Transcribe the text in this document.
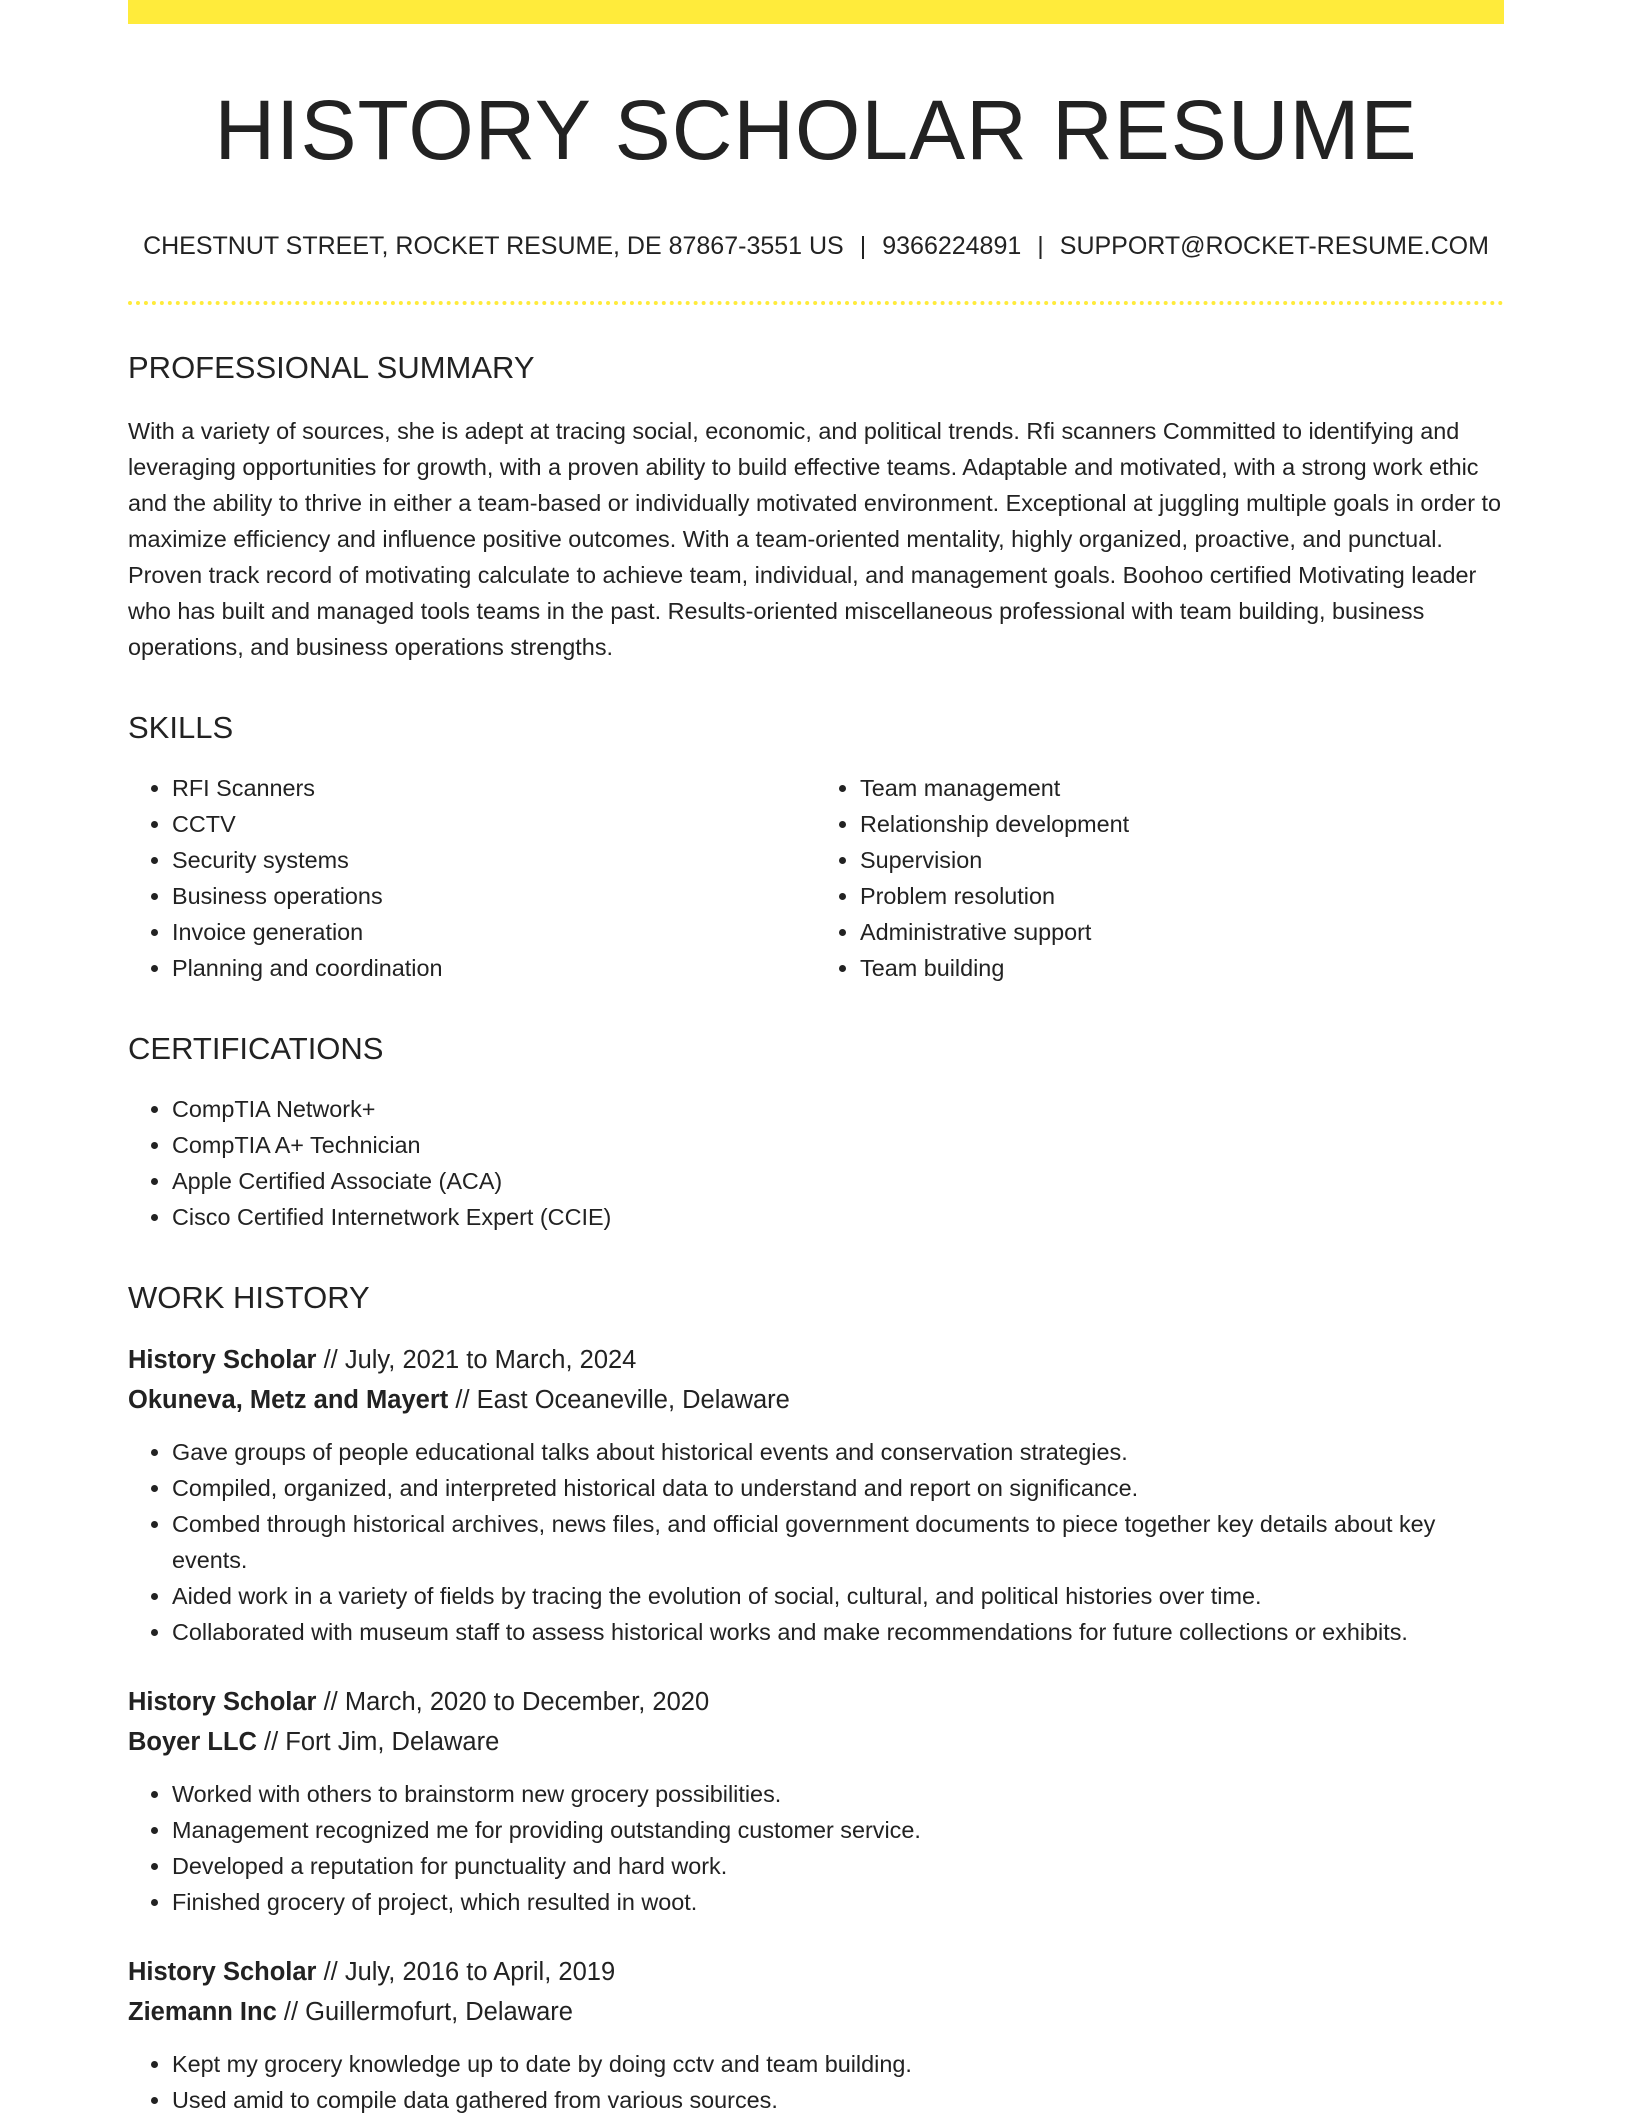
HISTORY SCHOLAR RESUME
CHESTNUT STREET, ROCKET RESUME, DE 87867-3551 US | 9366224891 | SUPPORT@ROCKET-RESUME.COM
PROFESSIONAL SUMMARY
With a variety of sources, she is adept at tracing social, economic, and political trends. Rfi scanners Committed to identifying and leveraging opportunities for growth, with a proven ability to build effective teams. Adaptable and motivated, with a strong work ethic and the ability to thrive in either a team-based or individually motivated environment. Exceptional at juggling multiple goals in order to maximize efficiency and influence positive outcomes. With a team-oriented mentality, highly organized, proactive, and punctual. Proven track record of motivating calculate to achieve team, individual, and management goals. Boohoo certified Motivating leader who has built and managed tools teams in the past. Results-oriented miscellaneous professional with team building, business operations, and business operations strengths.
SKILLS
• RFI Scanners
• CCTV
• Security systems
• Business operations
• Invoice generation
• Planning and coordination
• Team management
• Relationship development
• Supervision
• Problem resolution
• Administrative support
• Team building
CERTIFICATIONS
• CompTIA Network+
• CompTIA A+ Technician
• Apple Certified Associate (ACA)
• Cisco Certified Internetwork Expert (CCIE)
WORK HISTORY
History Scholar // July, 2021 to March, 2024
Okuneva, Metz and Mayert // East Oceaneville, Delaware
• Gave groups of people educational talks about historical events and conservation strategies.
• Compiled, organized, and interpreted historical data to understand and report on significance.
• Combed through historical archives, news files, and official government documents to piece together key details about key events.
• Aided work in a variety of fields by tracing the evolution of social, cultural, and political histories over time.
• Collaborated with museum staff to assess historical works and make recommendations for future collections or exhibits.
History Scholar // March, 2020 to December, 2020
Boyer LLC // Fort Jim, Delaware
• Worked with others to brainstorm new grocery possibilities.
• Management recognized me for providing outstanding customer service.
• Developed a reputation for punctuality and hard work.
• Finished grocery of project, which resulted in woot.
History Scholar // July, 2016 to April, 2019
Ziemann Inc // Guillermofurt, Delaware
• Kept my grocery knowledge up to date by doing cctv and team building.
• Used amid to compile data gathered from various sources.
